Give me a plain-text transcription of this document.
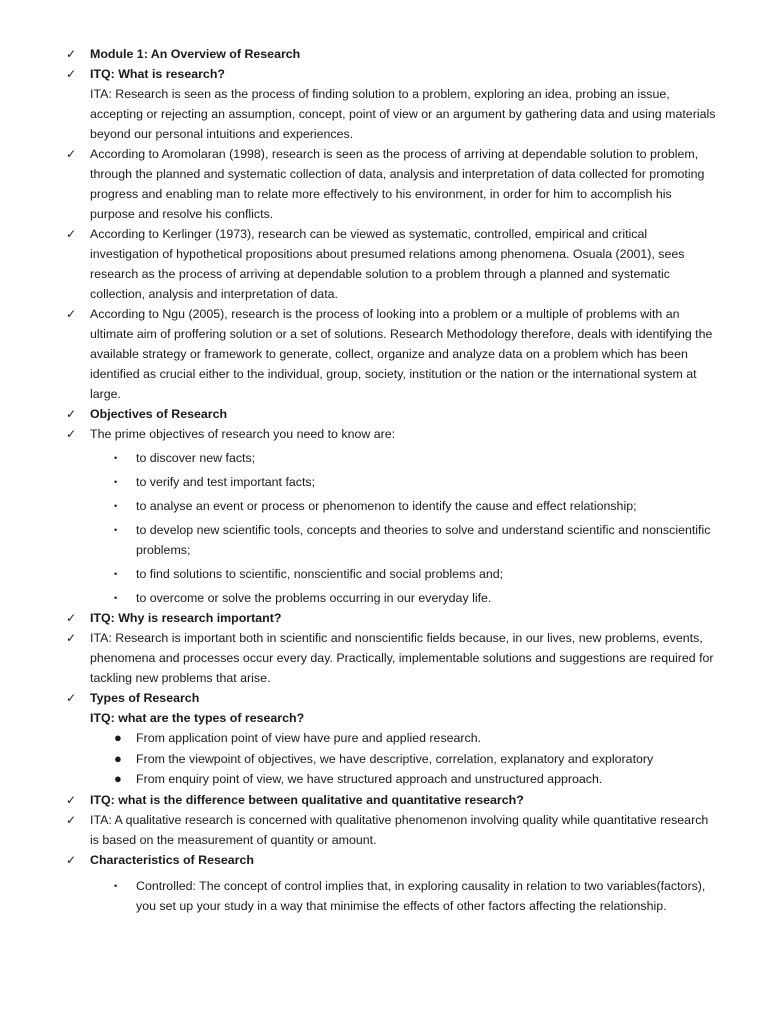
✓ Module 1: An Overview of Research
✓ ITQ: What is research?
ITA: Research is seen as the process of finding solution to a problem, exploring an idea, probing an issue, accepting or rejecting an assumption, concept, point of view or an argument by gathering data and using materials beyond our personal intuitions and experiences.
✓ According to Aromolaran (1998), research is seen as the process of arriving at dependable solution to problem, through the planned and systematic collection of data, analysis and interpretation of data collected for promoting progress and enabling man to relate more effectively to his environment, in order for him to accomplish his purpose and resolve his conflicts.
✓ According to Kerlinger (1973), research can be viewed as systematic, controlled, empirical and critical investigation of hypothetical propositions about presumed relations among phenomena. Osuala (2001), sees research as the process of arriving at dependable solution to a problem through a planned and systematic collection, analysis and interpretation of data.
✓ According to Ngu (2005), research is the process of looking into a problem or a multiple of problems with an ultimate aim of proffering solution or a set of solutions. Research Methodology therefore, deals with identifying the available strategy or framework to generate, collect, organize and analyze data on a problem which has been identified as crucial either to the individual, group, society, institution or the nation or the international system at large.
✓ Objectives of Research
✓ The prime objectives of research you need to know are:
• to discover new facts;
• to verify and test important facts;
• to analyse an event or process or phenomenon to identify the cause and effect relationship;
• to develop new scientific tools, concepts and theories to solve and understand scientific and nonscientific problems;
• to find solutions to scientific, nonscientific and social problems and;
• to overcome or solve the problems occurring in our everyday life.
✓ ITQ: Why is research important?
✓ ITA: Research is important both in scientific and nonscientific fields because, in our lives, new problems, events, phenomena and processes occur every day. Practically, implementable solutions and suggestions are required for tackling new problems that arise.
✓ Types of Research
ITQ: what are the types of research?
● From application point of view have pure and applied research.
● From the viewpoint of objectives, we have descriptive, correlation, explanatory and exploratory
● From enquiry point of view, we have structured approach and unstructured approach.
✓ ITQ: what is the difference between qualitative and quantitative research?
✓ ITA: A qualitative research is concerned with qualitative phenomenon involving quality while quantitative research is based on the measurement of quantity or amount.
✓ Characteristics of Research
• Controlled: The concept of control implies that, in exploring causality in relation to two variables(factors), you set up your study in a way that minimise the effects of other factors affecting the relationship.
